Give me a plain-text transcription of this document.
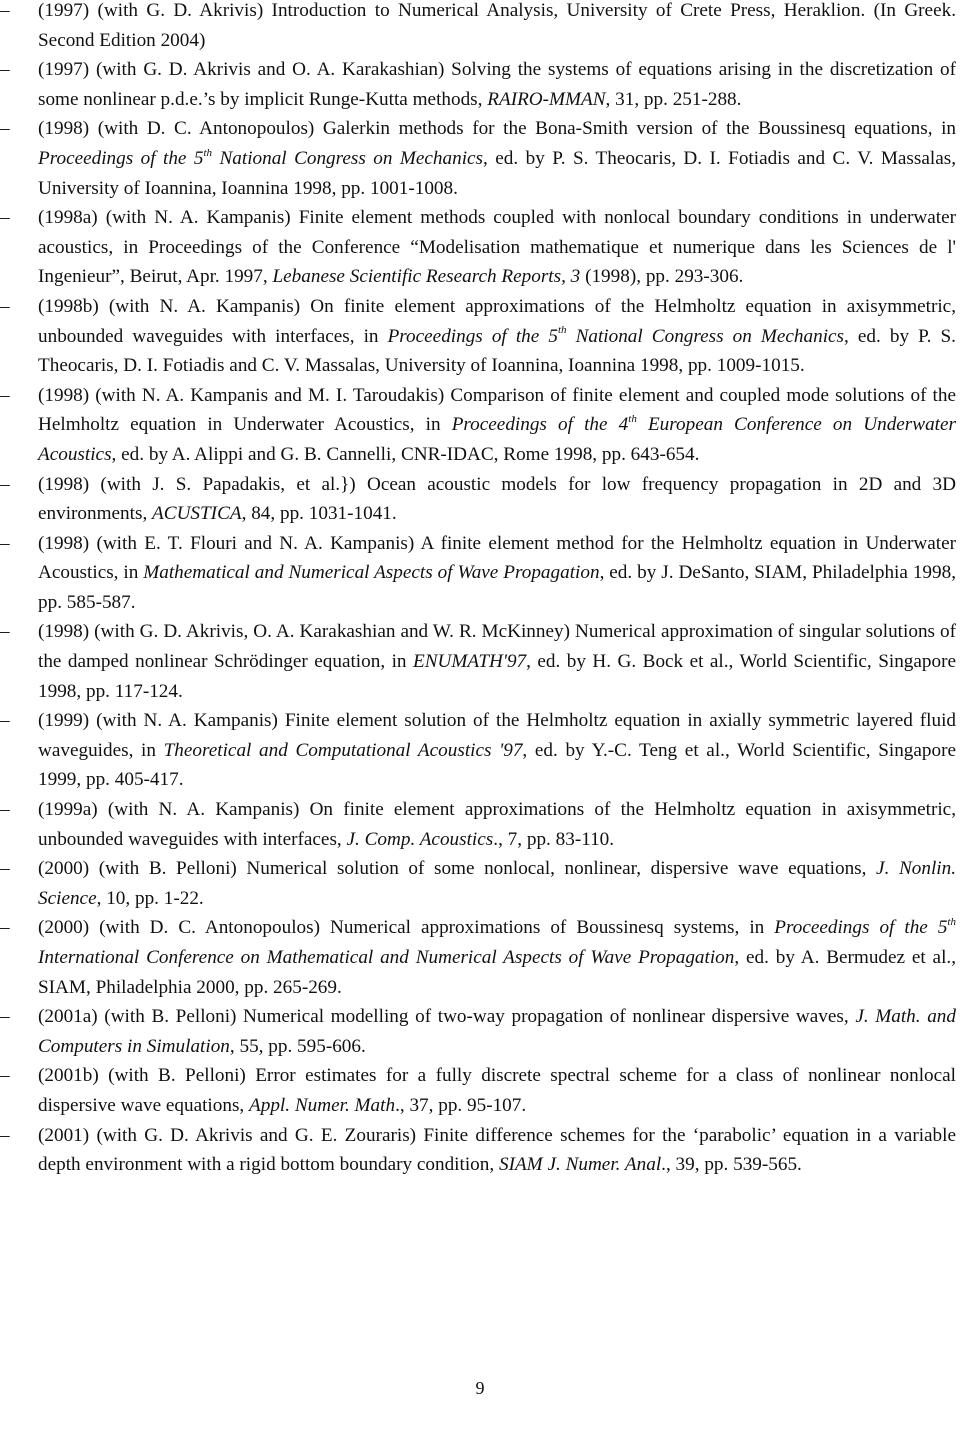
–	(1997) (with G. D. Akrivis) Introduction to Numerical Analysis, University of Crete Press, Heraklion. (In Greek. Second Edition 2004)
–	(1997) (with G. D. Akrivis and O. A. Karakashian) Solving the systems of equations arising in the discretization of some nonlinear p.d.e.’s by implicit Runge-Kutta methods, RAIRO-MMAN, 31, pp. 251-288.
–	(1998) (with D. C. Antonopoulos) Galerkin methods for the Bona-Smith version of the Boussinesq equations, in Proceedings of the 5th National Congress on Mechanics, ed. by P. S. Theocaris, D. I. Fotiadis and C. V. Massalas, University of Ioannina, Ioannina 1998, pp. 1001-1008.
–	(1998a) (with N. A. Kampanis) Finite element methods coupled with nonlocal boundary conditions in underwater acoustics, in Proceedings of the Conference “Modelisation mathematique et numerique dans les Sciences de l' Ingenieur”, Beirut, Apr. 1997, Lebanese Scientific Research Reports, 3 (1998), pp. 293-306.
–	(1998b) (with N. A. Kampanis) On finite element approximations of the Helmholtz equation in axisymmetric, unbounded waveguides with interfaces, in Proceedings of the 5th National Congress on Mechanics, ed. by P. S. Theocaris, D. I. Fotiadis and C. V. Massalas, University of Ioannina, Ioannina 1998, pp. 1009-1015.
–	(1998) (with N. A. Kampanis and M. I. Taroudakis) Comparison of finite element and coupled mode solutions of the Helmholtz equation in Underwater Acoustics, in Proceedings of the 4th European Conference on Underwater Acoustics, ed. by A. Alippi and G. B. Cannelli, CNR-IDAC, Rome 1998, pp. 643-654.
–	(1998) (with J. S. Papadakis, et al.}) Ocean acoustic models for low frequency propagation in 2D and 3D environments, ACUSTICA, 84, pp. 1031-1041.
–	(1998) (with E. T. Flouri and N. A. Kampanis) A finite element method for the Helmholtz equation in Underwater Acoustics, in Mathematical and Numerical Aspects of Wave Propagation, ed. by J. DeSanto, SIAM, Philadelphia 1998, pp. 585-587.
–	(1998) (with G. D. Akrivis, O. A. Karakashian and W. R. McKinney) Numerical approximation of singular solutions of the damped nonlinear Schrödinger equation, in ENUMATH'97, ed. by H. G. Bock et al., World Scientific, Singapore 1998, pp. 117-124.
–	(1999) (with N. A. Kampanis) Finite element solution of the Helmholtz equation in axially symmetric layered fluid waveguides, in Theoretical and Computational Acoustics '97, ed. by Y.-C. Teng et al., World Scientific, Singapore 1999, pp. 405-417.
–	(1999a) (with N. A. Kampanis) On finite element approximations of the Helmholtz equation in axisymmetric, unbounded waveguides with interfaces, J. Comp. Acoustics., 7, pp. 83-110.
–	(2000) (with B. Pelloni) Numerical solution of some nonlocal, nonlinear, dispersive wave equations, J. Nonlin. Science, 10, pp. 1-22.
–	(2000) (with D. C. Antonopoulos) Numerical approximations of Boussinesq systems, in Proceedings of the 5th International Conference on Mathematical and Numerical Aspects of Wave Propagation, ed. by A. Bermudez et al., SIAM, Philadelphia 2000, pp. 265-269.
–	(2001a) (with B. Pelloni) Numerical modelling of two-way propagation of nonlinear dispersive waves, J. Math. and Computers in Simulation, 55, pp. 595-606.
–	(2001b) (with B. Pelloni) Error estimates for a fully discrete spectral scheme for a class of nonlinear nonlocal dispersive wave equations, Appl. Numer. Math., 37, pp. 95-107.
–	(2001) (with G. D. Akrivis and G. E. Zouraris) Finite difference schemes for the ‘parabolic’ equation in a variable depth environment with a rigid bottom boundary condition, SIAM J. Numer. Anal., 39, pp. 539-565.
9
